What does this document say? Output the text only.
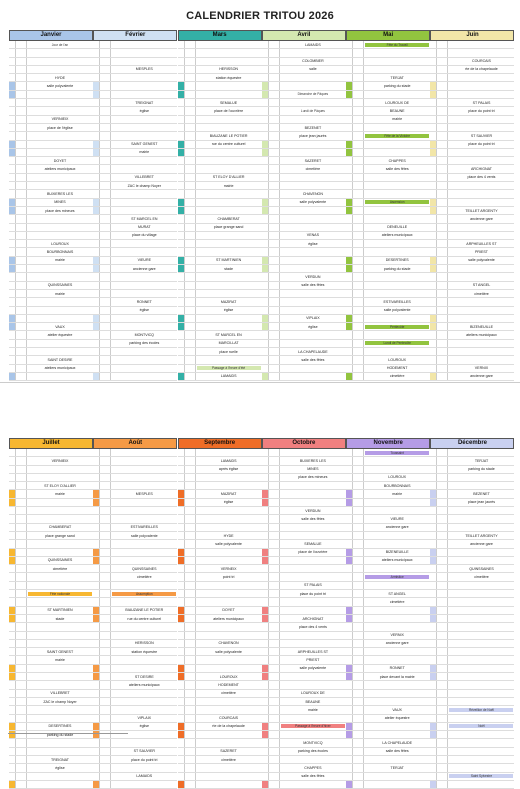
CALENDRIER TRITOU 2026
Janvier
Jour de l'an
HYDE
salle polyvalente
VERNIEIX
place de l'église
DOYET
ateliers municipaux
BUXIERES LES
MINES
place des mineurs
LOUROUX
BOURBONNAIS
mairie
QUINSSAINES
mairie
VAUX
atelier équestre
SAINT DESIRE
ateliers municipaux
Février
MESPLES
TREIGNAT
église
SAINT GENEST
mairie
VILLEBRET
ZAC le champ Noyer
ST MARCEL EN
MURAT
place du village
VIEURE
ancienne gare
RONNET
église
MONTVICQ
parking des écoles
Mars
HERISSON
station équestre
SEMALUE
place de l'ouvrière
BIAUZANE LE POTIER
rue du centre culturel
ST ELOY D'ALLIER
mairie
CHAMBERAT
place grange sand
ST MARTINIEN
stade
MAZIRAT
église
ST MARCEL EN
MARCILLAT
place ruelle
Passage à l'heure d'été
LAMAIDS
Avril
LAMAIDS
COLOMBIER
salle
Dimanche de Pâques
Lundi de Pâques
BEZENET
place jean jaurès
SAZERET
cimetière
CHAVENON
salle polyvalente
VENAS
église
VERDUN
salle des fêtes
VIPLAIX
église
LA CHAPELAUDE
salle des fêtes
Mai
Fête du Travail
TERJAT
parking du stade
LOUROUX DE
BEAUNE
mairie
Fête de la Victoire
CHAPPES
salle des fêtes
Ascension
DENEUILLE
ateliers municipaux
DESERTINES
parking du stade
ESTIVAREILLES
salle polyvalente
Pentecôte
Lundi de Pentecôte
LOUROUX
HODEMENT
cimetière
Juin
COURCAIS
rte de la chapelaude
ST PALAIS
place du point tri
ST SAUVIER
place du point tri
ARCHIGNAT
place des 4 vents
TEILLET ARGENTY
ancienne gare
ARPHEUILLES ST
PRIEST
salle polyvalente
ST ANGEL
cimetière
BIZENEUILLE
ateliers municipaux
VERNIX
ancienne gare
Juillet
VERNIEIX
ST ELOY D'ALLIER
mairie
CHAMBERAT
place grange sand
QUINSSAINES
cimetière
Fête nationale
ST MARTINIEN
stade
SAINT GENEST
mairie
VILLEBRET
ZAC le champ Noyer
DESERTINES
parking du stade
TREIGNAT
église
Août
MESPLES
ESTIVAREILLES
salle polyvalente
QUINSSAINES
cimetière
Assomption
BIAUZANE LE POTIER
rue du centre culturel
HERISSON
station équestre
ST DESIRE
ateliers municipaux
VIPLAIX
église
ST SAUVIER
place du point tri
LAMAIDS
Septembre
LAMAIDS
après église
MAZIRAT
église
HYDE
salle polyvalente
VERNEIX
point tri
DOYET
ateliers municipaux
CHAVENON
salle polyvalente
LOUROUX
HODEMENT
cimetière
COURCAIS
rte de la chapelaude
SAZERET
cimetière
Octobre
BUXIERES LES
MINES
place des mineurs
VERDUN
salle des fêtes
SEMALUE
place de l'ouvrière
ST PALAIS
place du point tri
ARCHIGNAT
place des 4 vents
ARPHEUILLES ST
PRIEST
salle polyvalente
LOUROUX DE
BEAUNE
mairie
Passage à l'heure d'hiver
MONTVICQ
parking des écoles
CHAPPES
salle des fêtes
Novembre
Toussaint
LOUROUX
BOURBONNAIS
mairie
VIEURE
ancienne gare
BIZENEUILLE
ateliers municipaux
Armistice
ST ANGEL
cimetière
VERNIX
ancienne gare
RONNET
place devant la mairie
VAUX
atelier équestre
LA CHAPELAUDE
salle des fêtes
TERJAT
Décembre
TERJAT
parking du stade
BEZENET
place jean jaurès
TEILLET ARGENTY
ancienne gare
QUINSSAINES
cimetière
Réveillon de Noël
Noël
Saint Sylvestre
